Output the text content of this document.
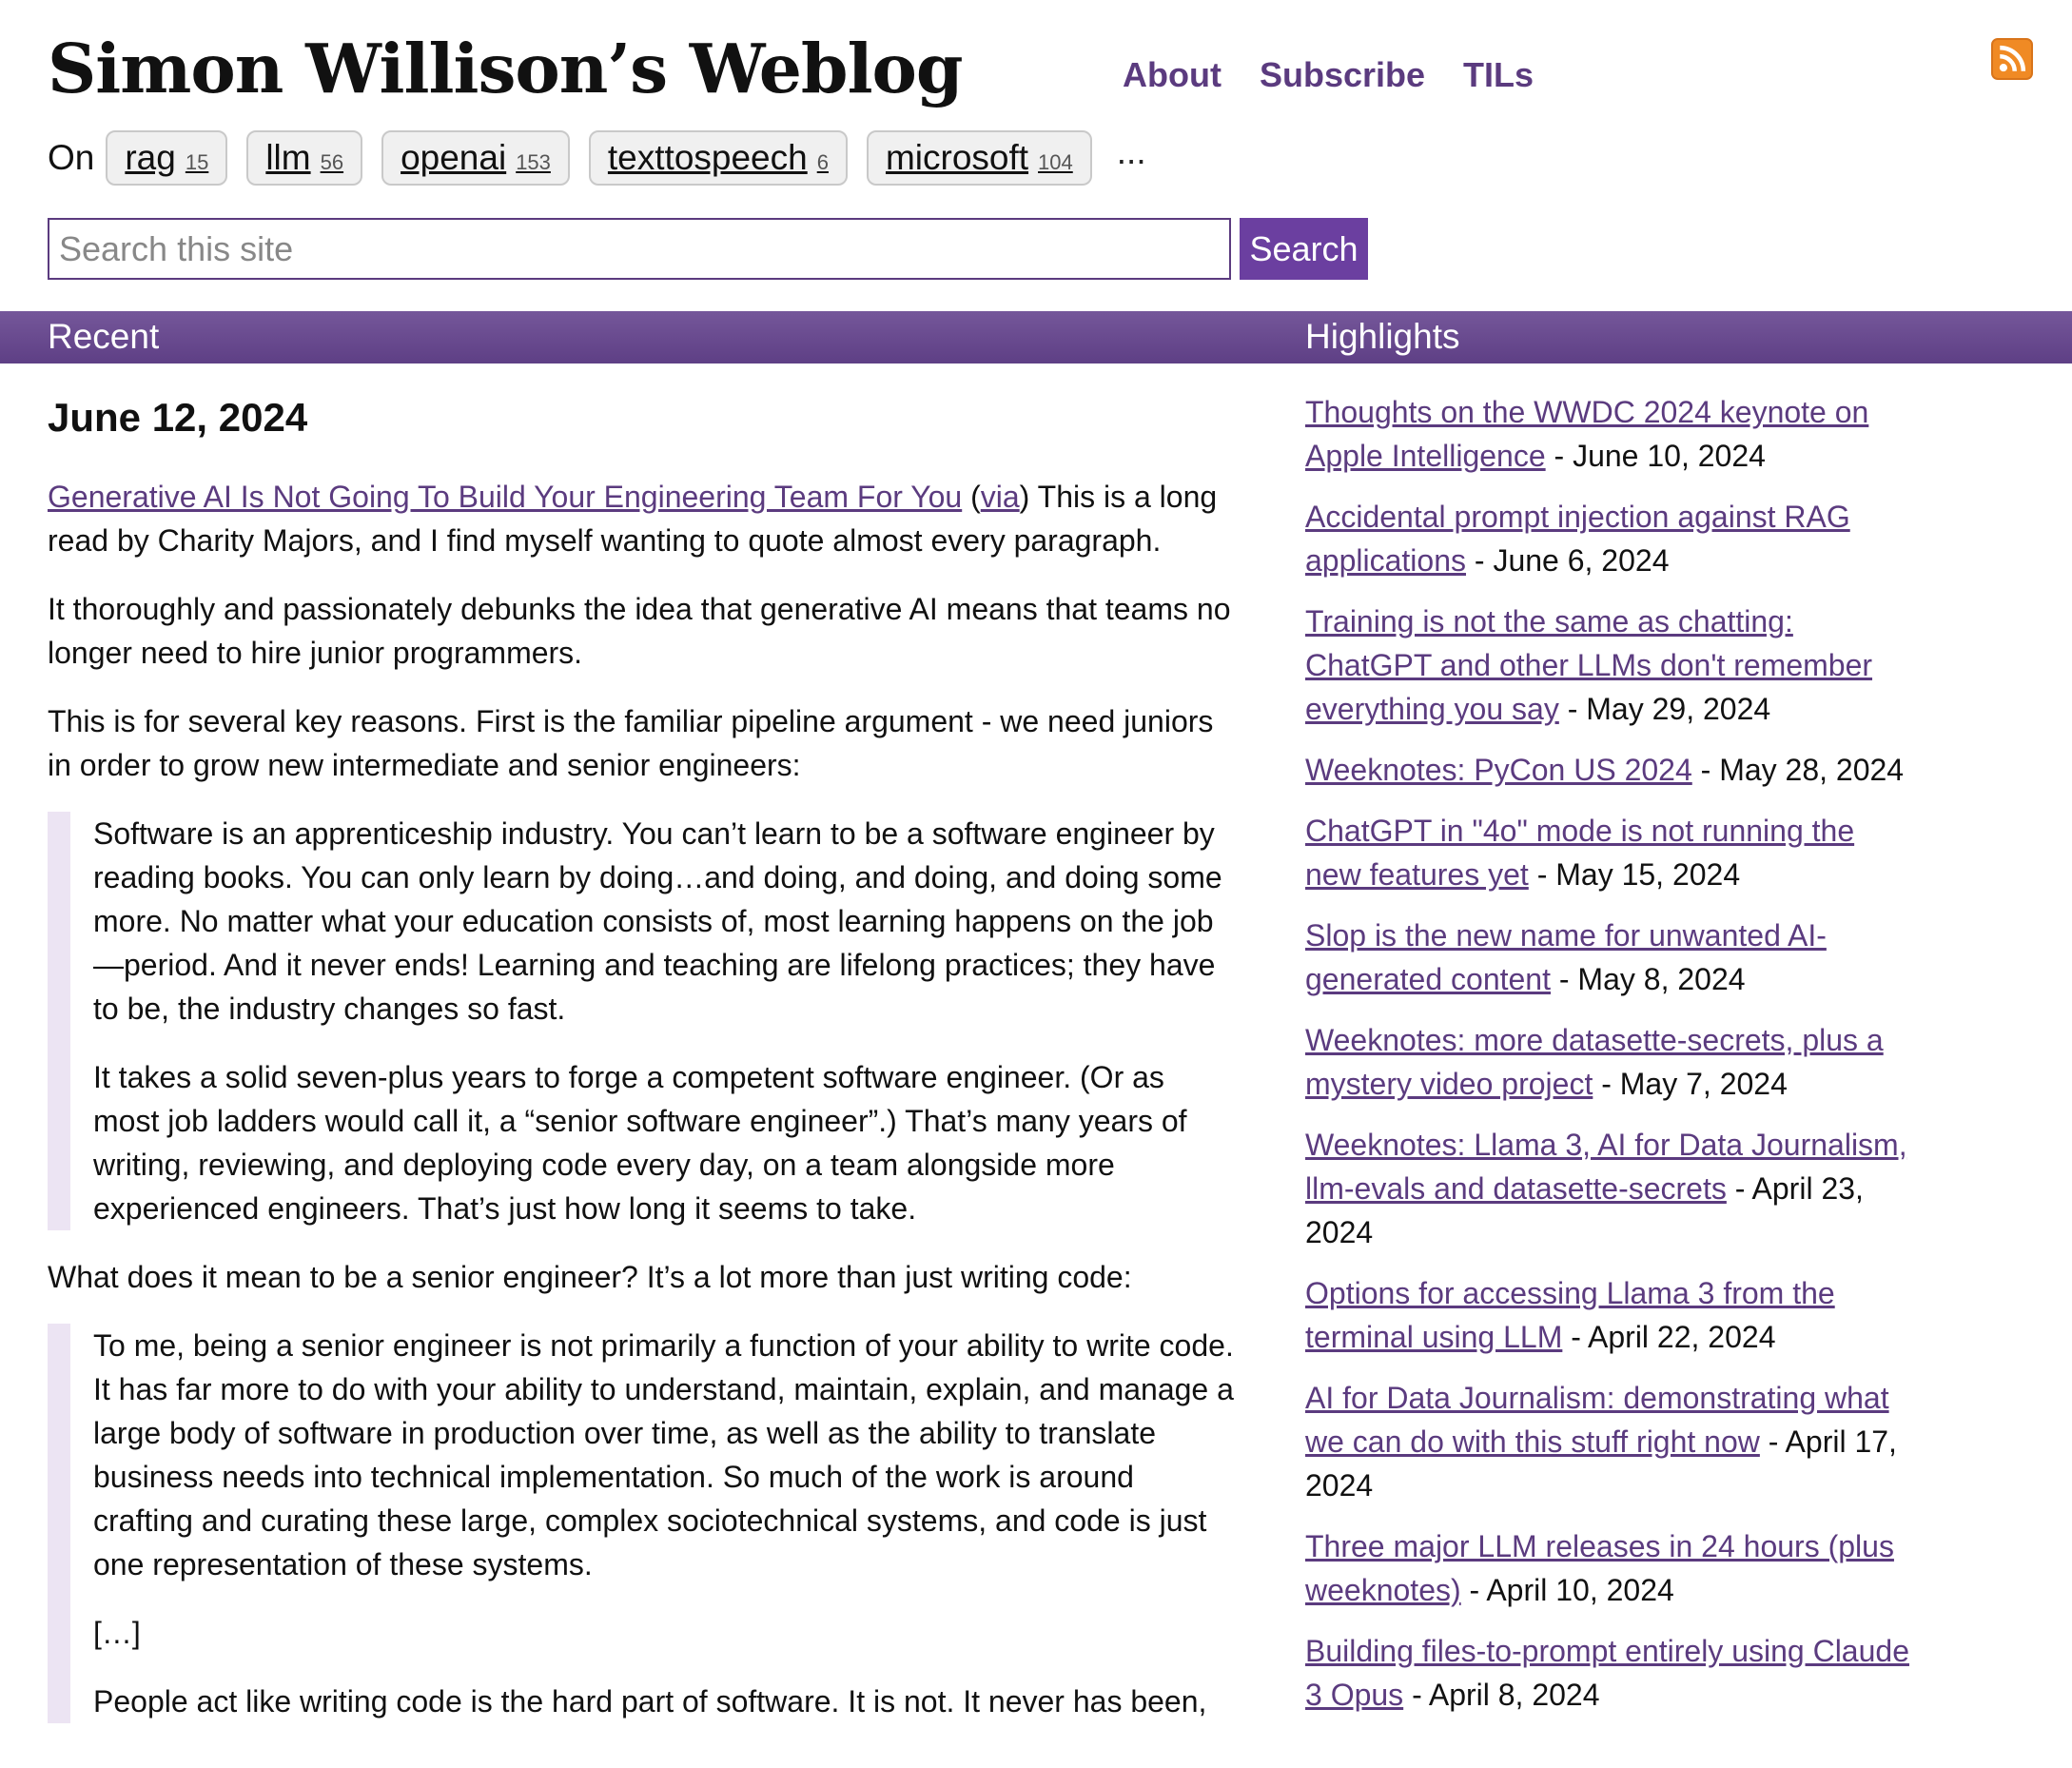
Simon Willison’s Weblog	About Subscribe TILs
On rag 15 llm 56 openai 153 texttospeech 6 microsoft 104 ...
Search this site
Search
Recent	Highlights
June 12, 2024

Generative AI Is Not Going To Build Your Engineering Team For You (via) This is a long read by Charity Majors, and I find myself wanting to quote almost every paragraph.

It thoroughly and passionately debunks the idea that generative AI means that teams no longer need to hire junior programmers.

This is for several key reasons. First is the familiar pipeline argument - we need juniors in order to grow new intermediate and senior engineers:

Software is an apprenticeship industry. You can’t learn to be a software engineer by reading books. You can only learn by doing…and doing, and doing, and doing some more. No matter what your education consists of, most learning happens on the job—period. And it never ends! Learning and teaching are lifelong practices; they have to be, the industry changes so fast.

It takes a solid seven-plus years to forge a competent software engineer. (Or as most job ladders would call it, a “senior software engineer”.) That’s many years of writing, reviewing, and deploying code every day, on a team alongside more experienced engineers. That’s just how long it seems to take.

What does it mean to be a senior engineer? It’s a lot more than just writing code:

To me, being a senior engineer is not primarily a function of your ability to write code. It has far more to do with your ability to understand, maintain, explain, and manage a large body of software in production over time, as well as the ability to translate business needs into technical implementation. So much of the work is around crafting and curating these large, complex sociotechnical systems, and code is just one representation of these systems.

[…]

People act like writing code is the hard part of software. It is not. It never has been,

Thoughts on the WWDC 2024 keynote on Apple Intelligence - June 10, 2024
Accidental prompt injection against RAG applications - June 6, 2024
Training is not the same as chatting: ChatGPT and other LLMs don't remember everything you say - May 29, 2024
Weeknotes: PyCon US 2024 - May 28, 2024
ChatGPT in "4o" mode is not running the new features yet - May 15, 2024
Slop is the new name for unwanted AI-generated content - May 8, 2024
Weeknotes: more datasette-secrets, plus a mystery video project - May 7, 2024
Weeknotes: Llama 3, AI for Data Journalism, llm-evals and datasette-secrets - April 23, 2024
Options for accessing Llama 3 from the terminal using LLM - April 22, 2024
AI for Data Journalism: demonstrating what we can do with this stuff right now - April 17, 2024
Three major LLM releases in 24 hours (plus weeknotes) - April 10, 2024
Building files-to-prompt entirely using Claude 3 Opus - April 8, 2024
